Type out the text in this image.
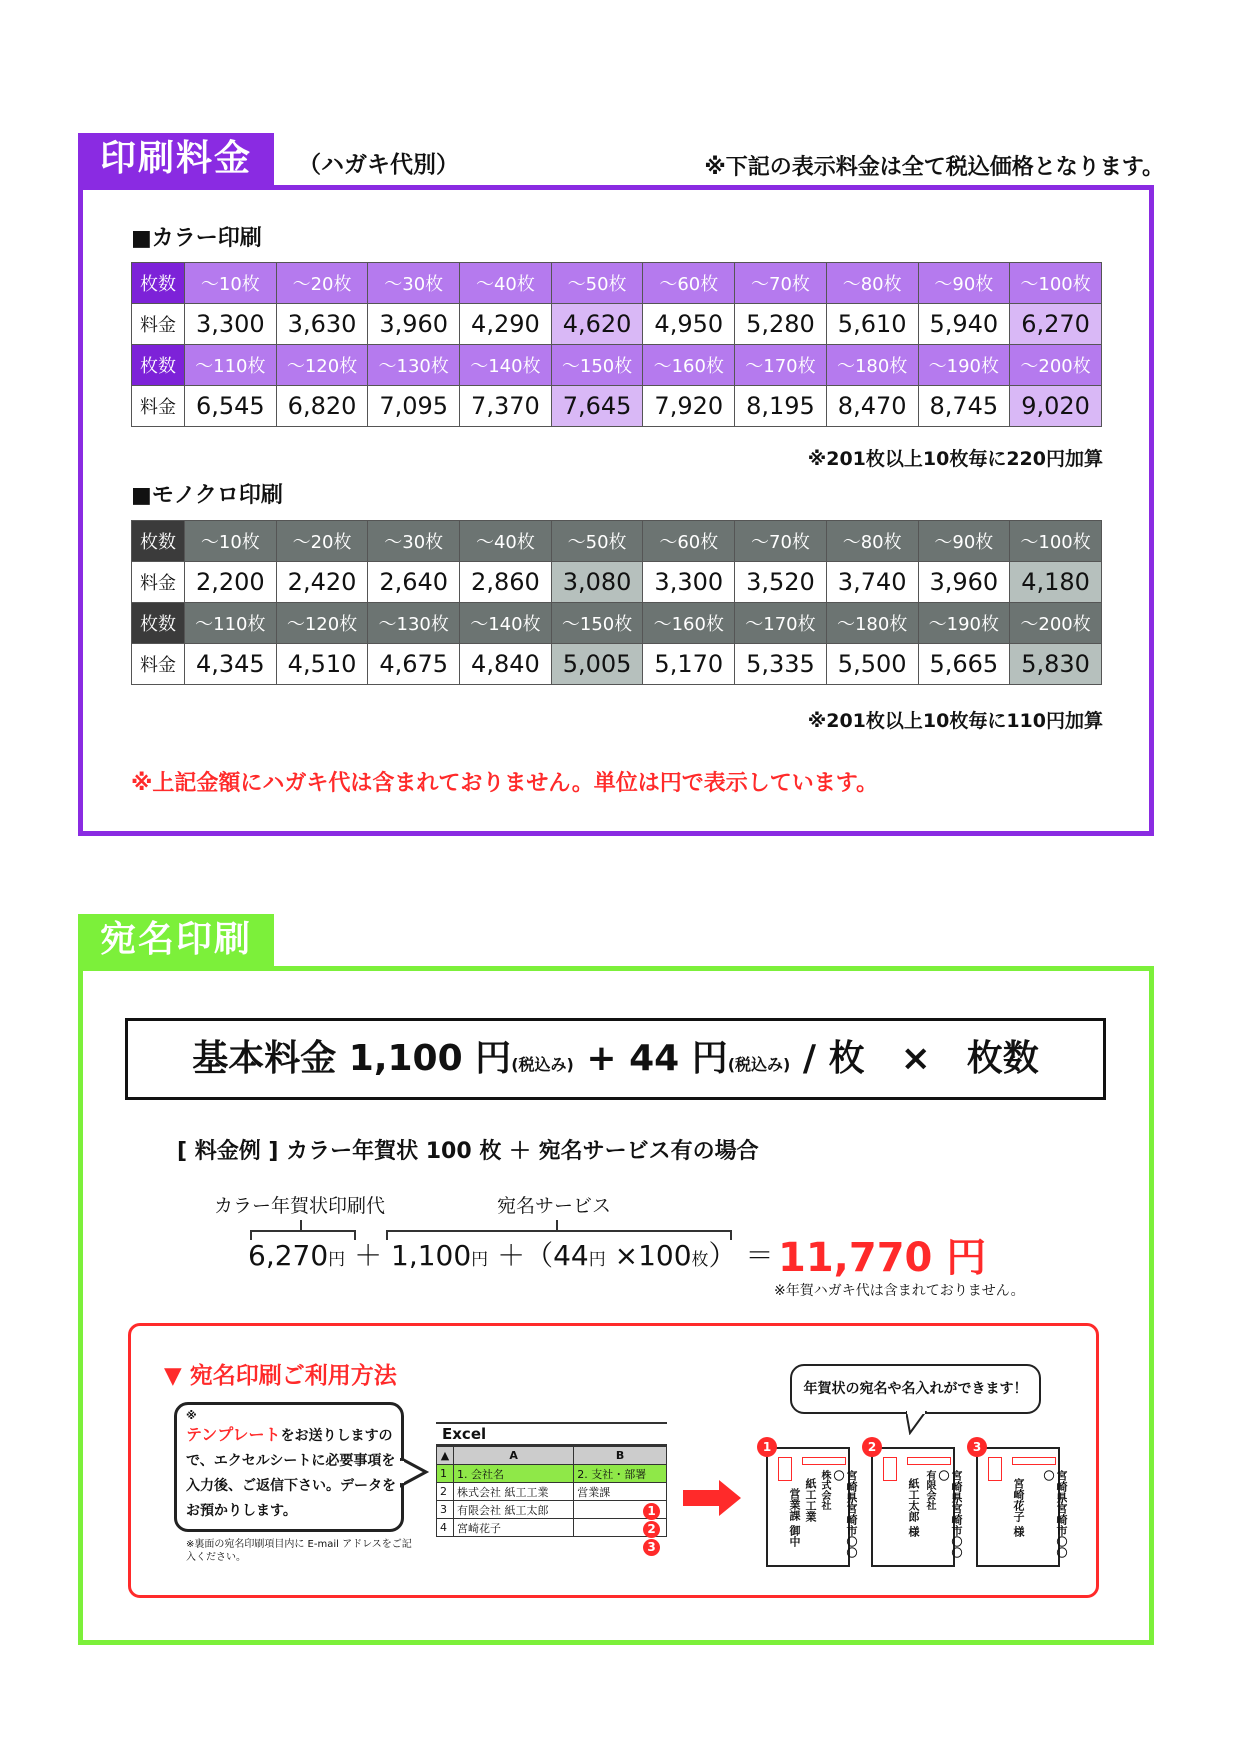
印刷料金	（ハガキ代別）	※下記の表示料金は全て税込価格となります。
■カラー印刷
枚数	〜10枚	〜20枚	〜30枚	〜40枚	〜50枚	〜60枚	〜70枚	〜80枚	〜90枚	〜100枚
料金	3,300	3,630	3,960	4,290	4,620	4,950	5,280	5,610	5,940	6,270
枚数	〜110枚	〜120枚	〜130枚	〜140枚	〜150枚	〜160枚	〜170枚	〜180枚	〜190枚	〜200枚
料金	6,545	6,820	7,095	7,370	7,645	7,920	8,195	8,470	8,745	9,020
※201枚以上10枚毎に220円加算
■モノクロ印刷
枚数	〜10枚	〜20枚	〜30枚	〜40枚	〜50枚	〜60枚	〜70枚	〜80枚	〜90枚	〜100枚
料金	2,200	2,420	2,640	2,860	3,080	3,300	3,520	3,740	3,960	4,180
枚数	〜110枚	〜120枚	〜130枚	〜140枚	〜150枚	〜160枚	〜170枚	〜180枚	〜190枚	〜200枚
料金	4,345	4,510	4,675	4,840	5,005	5,170	5,335	5,500	5,665	5,830
※201枚以上10枚毎に110円加算
※上記金額にハガキ代は含まれておりません。単位は円で表示しています。
宛名印刷
基本料金 1,100 円(税込み) + 44 円(税込み) / 枚　×　枚数
[ 料金例 ] カラー年賀状 100 枚 ＋ 宛名サービス有の場合
カラー年賀状印刷代	宛名サービス
6,270円 ＋ 1,100円 ＋（44円 ×100枚） ＝ 11,770 円
※年賀ハガキ代は含まれておりません。
▼ 宛名印刷ご利用方法
※
テンプレートをお送りしますので、エクセルシートに必要事項を入力後、ご返信下さい。データをお預かりします。
※裏面の宛名印刷項目内に E-mail アドレスをご記入ください。
Excel
▲	A	B
1	1. 会社名	2. 支社・部署
2	株式会社 紙工工業	営業課
3	有限会社 紙工太郎	
4	宮崎花子	
1
2
3
年賀状の宛名や名入れができます！
1
宮崎県宮崎市〇〇〇
株式会社
紙工工業
営業課 御中
2
宮崎県宮崎市〇〇〇
有限会社
紙工太郎 様
3
宮崎県宮崎市〇〇〇
宮崎花子 様
